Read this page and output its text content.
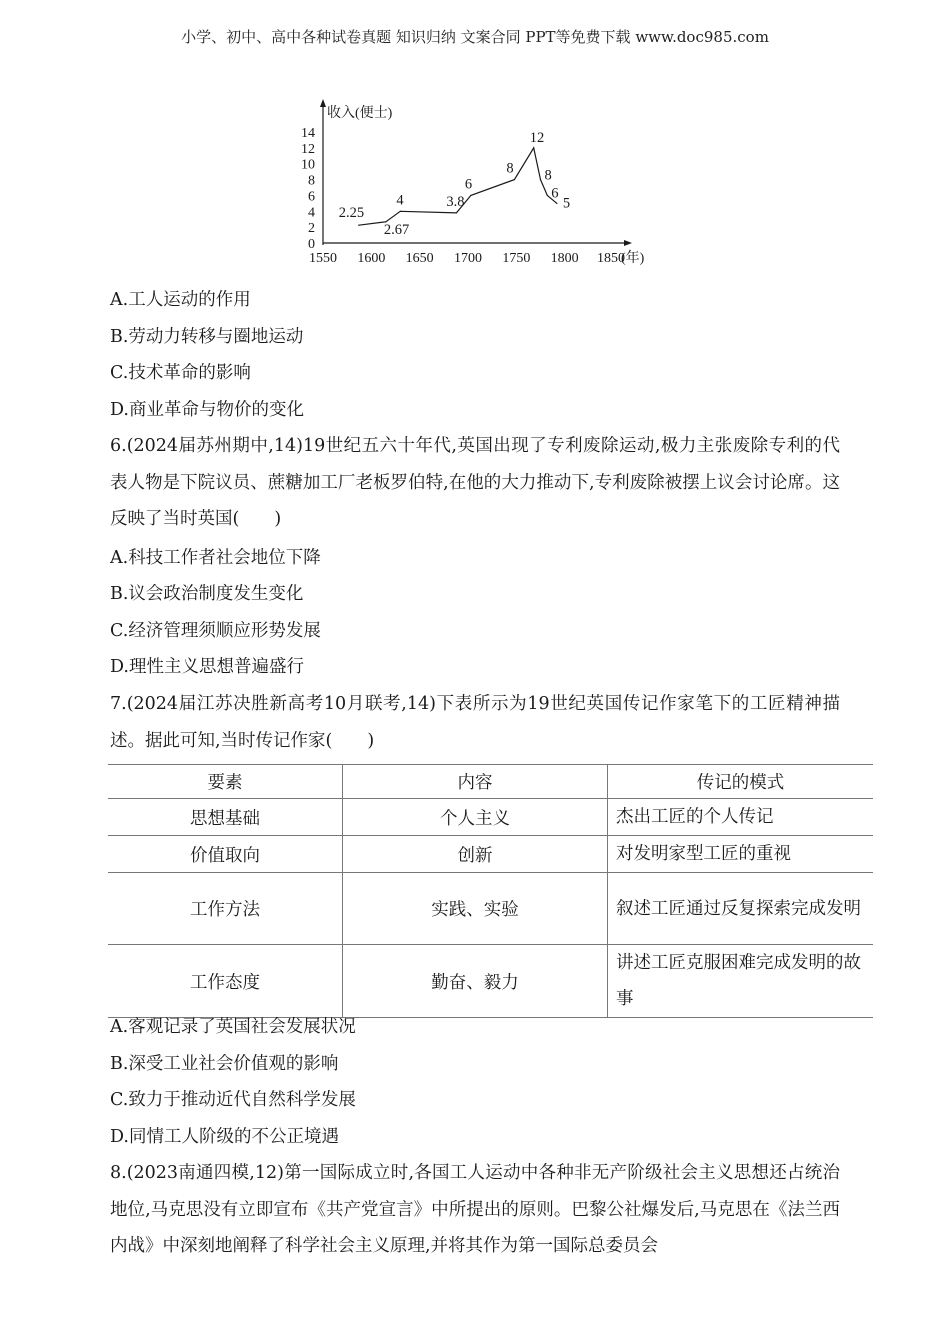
小学、初中、高中各种试卷真题 知识归纳 文案合同 PPT等免费下载 www.doc985.com
收入(便士)
(年)
0
2
4
6
8
10
12
14
1550 1600 1650 1700 1750 1800 1850
2.25
2.67
4	3.8
6
8
12
8
6
5
A.工人运动的作用
B.劳动力转移与圈地运动
C.技术革命的影响
D.商业革命与物价的变化
6.(2024届苏州期中,14)19世纪五六十年代,英国出现了专利废除运动,极力主张废除专利的代表人物是下院议员、蔗糖加工厂老板罗伯特,在他的大力推动下,专利废除被摆上议会讨论席。这反映了当时英国(　　)
A.科技工作者社会地位下降
B.议会政治制度发生变化
C.经济管理须顺应形势发展
D.理性主义思想普遍盛行
7.(2024届江苏决胜新高考10月联考,14)下表所示为19世纪英国传记作家笔下的工匠精神描述。据此可知,当时传记作家(　　)
要素	内容	传记的模式
思想基础	个人主义	杰出工匠的个人传记
价值取向	创新	对发明家型工匠的重视
工作方法	实践、实验	叙述工匠通过反复探索完成发明
工作态度	勤奋、毅力	讲述工匠克服困难完成发明的故事
A.客观记录了英国社会发展状况
B.深受工业社会价值观的影响
C.致力于推动近代自然科学发展
D.同情工人阶级的不公正境遇
8.(2023南通四模,12)第一国际成立时,各国工人运动中各种非无产阶级社会主义思想还占统治地位,马克思没有立即宣布《共产党宣言》中所提出的原则。巴黎公社爆发后,马克思在《法兰西内战》中深刻地阐释了科学社会主义原理,并将其作为第一国际总委员会
